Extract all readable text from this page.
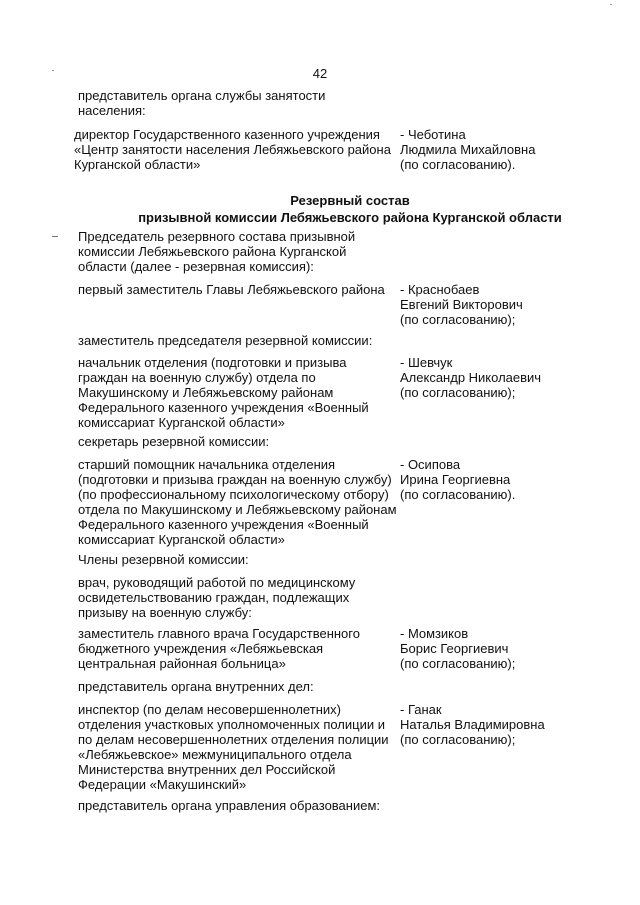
42
представитель органа службы занятости
населения:
директор Государственного казенного учреждения
«Центр занятости населения Лебяжьевского района
Курганской области»
- Чеботина
Людмила Михайловна
(по согласованию).
Резервный состав
призывной комиссии Лебяжьевского района Курганской области
Председатель резервного состава призывной
комиссии Лебяжьевского района Курганской
области (далее - резервная комиссия):
первый заместитель Главы Лебяжьевского района	- Краснобаев
Евгений Викторович
(по согласованию);
заместитель председателя резервной комиссии:
начальник отделения (подготовки и призыва
граждан на военную службу) отдела по
Макушинскому и Лебяжьевскому районам
Федерального казенного учреждения «Военный
комиссариат Курганской области»
- Шевчук
Александр Николаевич
(по согласованию);
секретарь резервной комиссии:
старший помощник начальника отделения
(подготовки и призыва граждан на военную службу)
(по профессиональному психологическому отбору)
отдела по Макушинскому и Лебяжьевскому районам
Федерального казенного учреждения «Военный
комиссариат Курганской области»
- Осипова
Ирина Георгиевна
(по согласованию).
Члены резервной комиссии:
врач, руководящий работой по медицинскому
освидетельствованию граждан, подлежащих
призыву на военную службу:
заместитель главного врача Государственного
бюджетного учреждения «Лебяжьевская
центральная районная больница»
- Момзиков
Борис Георгиевич
(по согласованию);
представитель органа внутренних дел:
инспектор (по делам несовершеннолетних)
отделения участковых уполномоченных полиции и
по делам несовершеннолетних отделения полиции
«Лебяжьевское» межмуниципального отдела
Министерства внутренних дел Российской
Федерации «Макушинский»
- Ганак
Наталья Владимировна
(по согласованию);
представитель органа управления образованием:
